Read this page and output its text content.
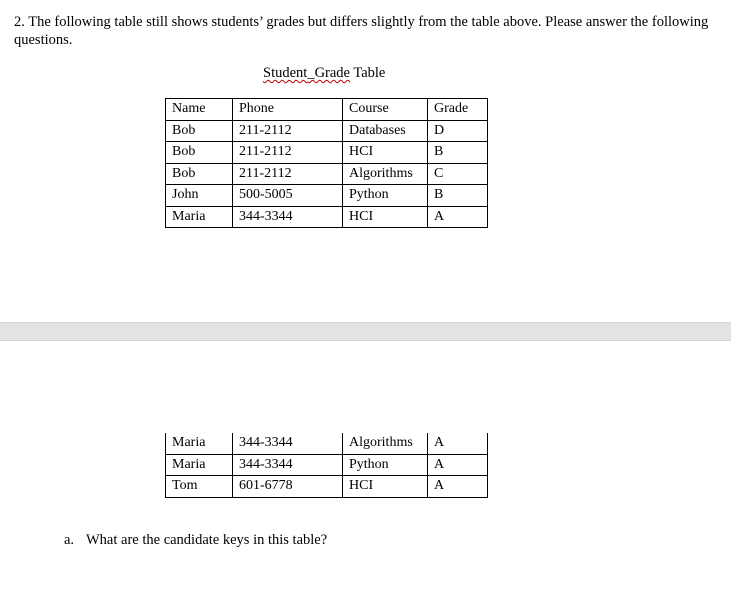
2. The following table still shows students’ grades but differs slightly from the table above. Please answer the following questions.
Student_Grade Table
Name	Phone	Course	Grade
Bob	211-2112	Databases	D
Bob	211-2112	HCI	B
Bob	211-2112	Algorithms	C
John	500-5005	Python	B
Maria	344-3344	HCI	A
Maria	344-3344	Algorithms	A
Maria	344-3344	Python	A
Tom	601-6778	HCI	A
a. What are the candidate keys in this table?
